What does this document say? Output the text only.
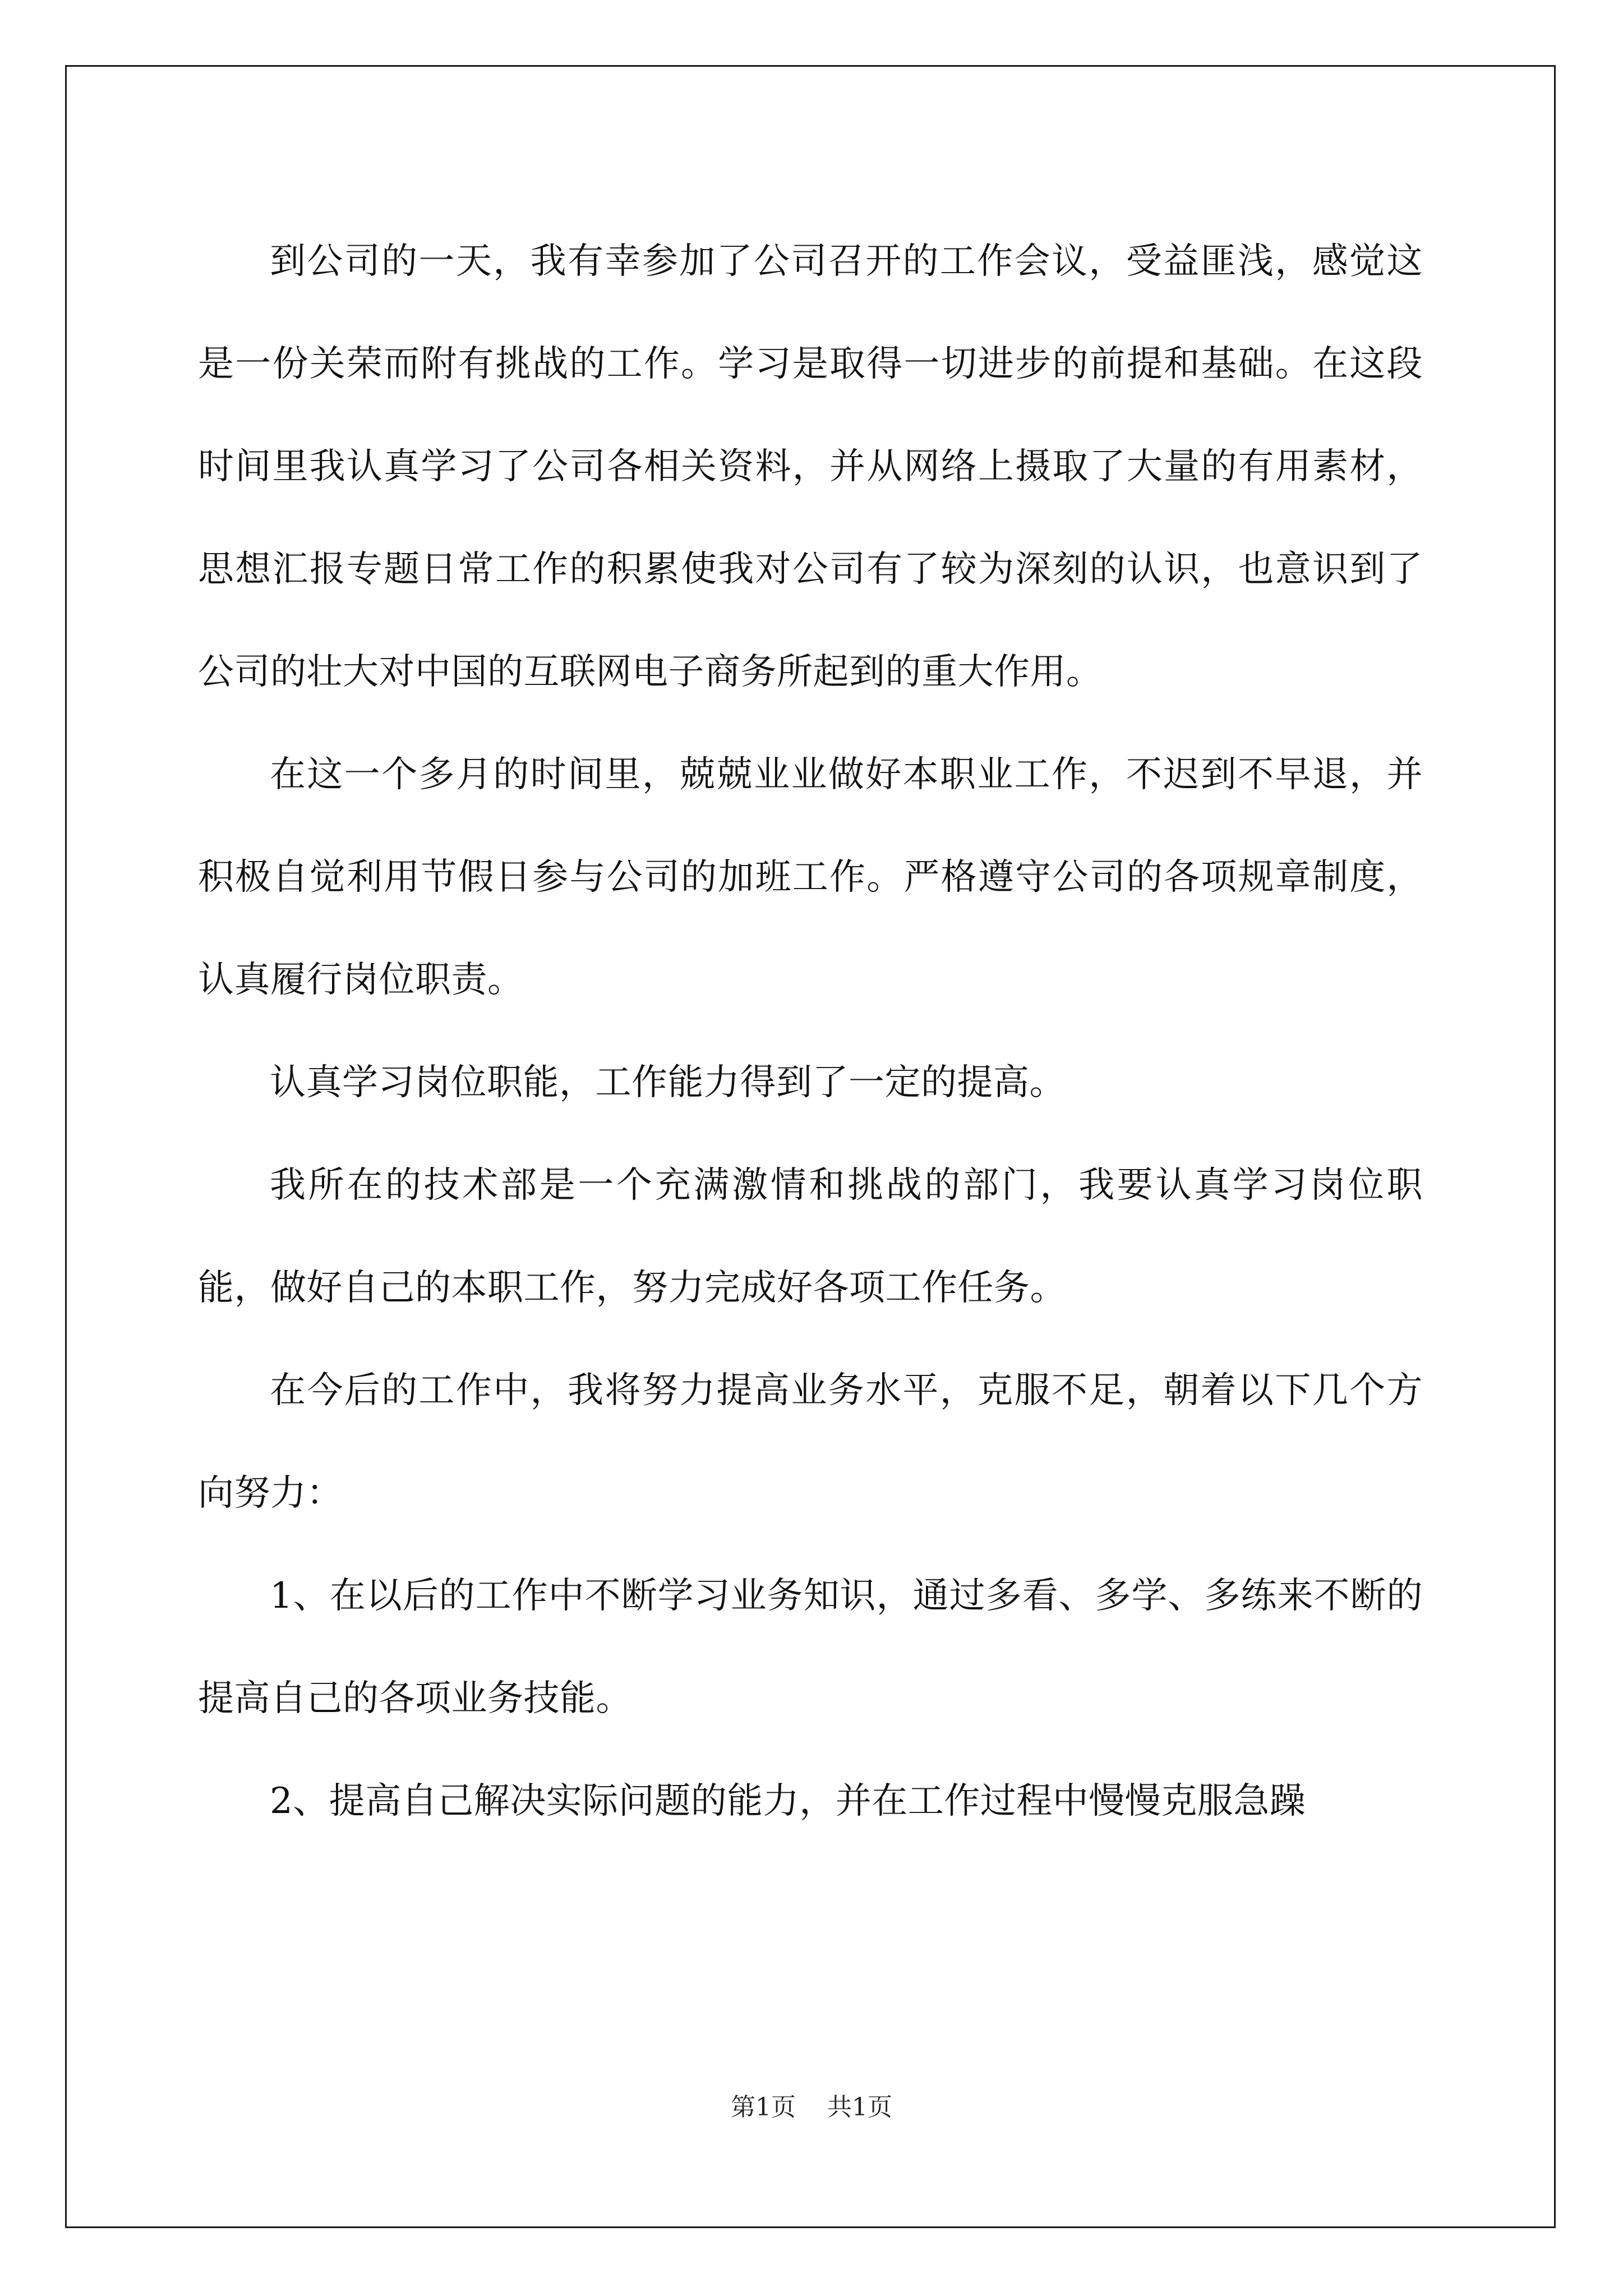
到公司的一天，我有幸参加了公司召开的工作会议，受益匪浅，感觉这是一份关荣而附有挑战的工作。学习是取得一切进步的前提和基础。在这段时间里我认真学习了公司各相关资料，并从网络上摄取了大量的有用素材，思想汇报专题日常工作的积累使我对公司有了较为深刻的认识，也意识到了公司的壮大对中国的互联网电子商务所起到的重大作用。

在这一个多月的时间里，兢兢业业做好本职业工作，不迟到不早退，并积极自觉利用节假日参与公司的加班工作。严格遵守公司的各项规章制度，认真履行岗位职责。

认真学习岗位职能，工作能力得到了一定的提高。

我所在的技术部是一个充满激情和挑战的部门，我要认真学习岗位职能，做好自己的本职工作，努力完成好各项工作任务。

在今后的工作中，我将努力提高业务水平，克服不足，朝着以下几个方向努力：

1、在以后的工作中不断学习业务知识，通过多看、多学、多练来不断的提高自己的各项业务技能。

2、提高自己解决实际问题的能力，并在工作过程中慢慢克服急躁

第1页 共1页
